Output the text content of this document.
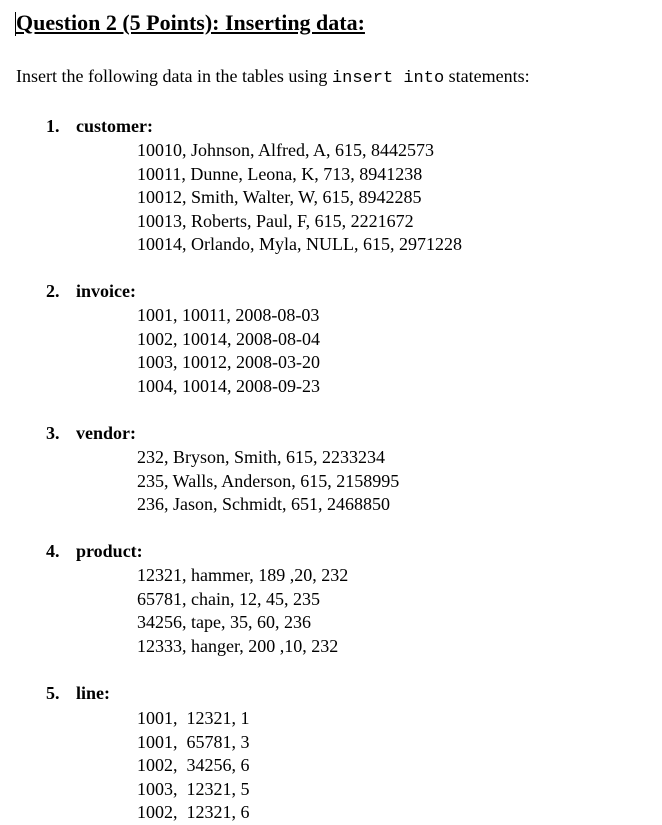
Question 2 (5 Points): Inserting data:
Insert the following data in the tables using insert into statements:
1. customer:
10010, Johnson, Alfred, A, 615, 8442573
10011, Dunne, Leona, K, 713, 8941238
10012, Smith, Walter, W, 615, 8942285
10013, Roberts, Paul, F, 615, 2221672
10014, Orlando, Myla, NULL, 615, 2971228
2. invoice:
1001, 10011, 2008-08-03
1002, 10014, 2008-08-04
1003, 10012, 2008-03-20
1004, 10014, 2008-09-23
3. vendor:
232, Bryson, Smith, 615, 2233234
235, Walls, Anderson, 615, 2158995
236, Jason, Schmidt, 651, 2468850
4. product:
12321, hammer, 189 ,20, 232
65781, chain, 12, 45, 235
34256, tape, 35, 60, 236
12333, hanger, 200 ,10, 232
5. line:
1001,  12321, 1
1001,  65781, 3
1002,  34256, 6
1003,  12321, 5
1002,  12321, 6
